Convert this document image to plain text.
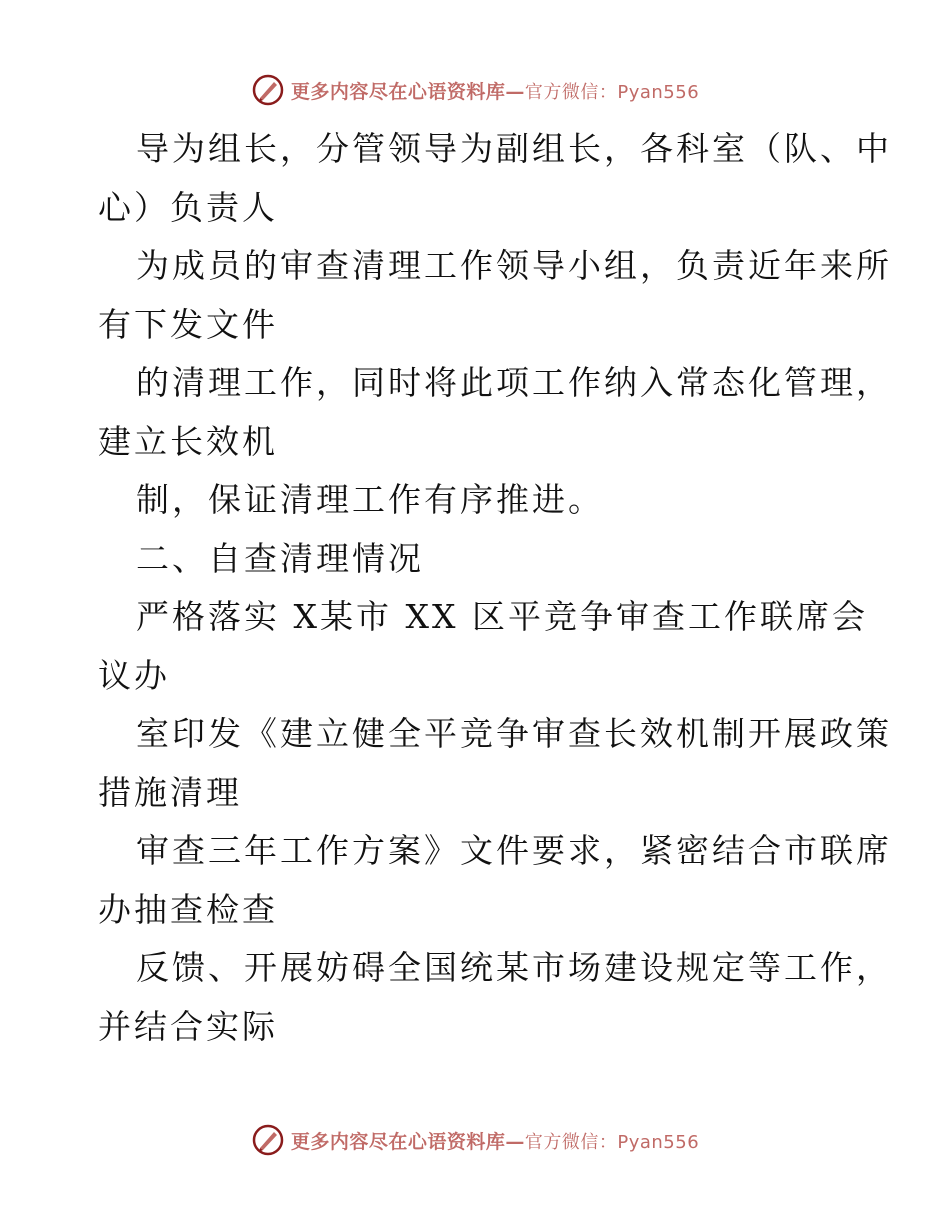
更多内容尽在心语资料库—官方微信：Pyan556
导为组长，分管领导为副组长，各科室（队、中
心）负责人
为成员的审查清理工作领导小组，负责近年来所
有下发文件
的清理工作，同时将此项工作纳入常态化管理，
建立长效机
制，保证清理工作有序推进。
二、自查清理情况
严格落实 X某市 XX 区平竞争审查工作联席会
议办
室印发《建立健全平竞争审查长效机制开展政策
措施清理
审查三年工作方案》文件要求，紧密结合市联席
办抽查检查
反馈、开展妨碍全国统某市场建设规定等工作，
并结合实际
更多内容尽在心语资料库—官方微信：Pyan556
